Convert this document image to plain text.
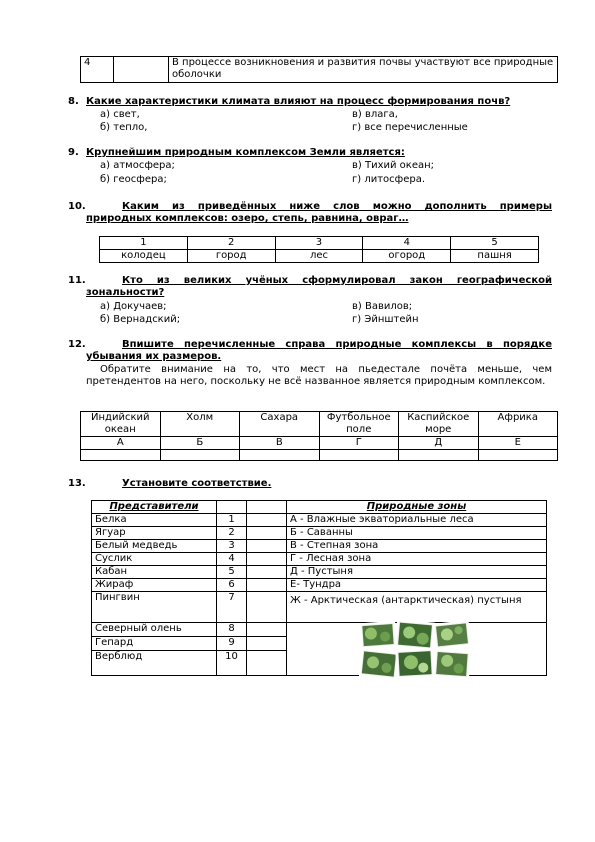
4		В процессе возникновения и развития почвы участвуют все природные оболочки
8. Какие характеристики климата влияют на процесс формирования почв?
а) свет,	в) влага,
б) тепло,	г) все перечисленные
9. Крупнейшим природным комплексом Земли является:
а) атмосфера;	в) Тихий океан;
б) геосфера;	г) литосфера.
10.	Каким из приведённых ниже слов можно дополнить примеры природных комплексов: озеро, степь, равнина, овраг…
1	2	3	4	5
колодец	город	лес	огород	пашня
11.	Кто из великих учёных сформулировал закон географической зональности?
а) Докучаев;	в) Вавилов;
б) Вернадский;	г) Эйнштейн
12.	Впишите перечисленные справа природные комплексы в порядке убывания их размеров.
Обратите внимание на то, что мест на пьедестале почёта меньше, чем претендентов на него, поскольку не всё названное является природным комплексом.
Индийский океан	Холм	Сахара	Футбольное поле	Каспийское море	Африка
А	Б	В	Г	Д	Е

13.	Установите соответствие.
Представители			Природные зоны
Белка	1		А - Влажные экваториальные леса
Ягуар	2		Б - Саванны
Белый медведь	3		В - Степная зона
Суслик	4		Г - Лесная зона
Кабан	5		Д - Пустыня
Жираф	6		Е- Тундра
Пингвин	7		Ж - Арктическая (антарктическая) пустыня
Северный олень	8		

Гепард	9		
Верблюд	10		
